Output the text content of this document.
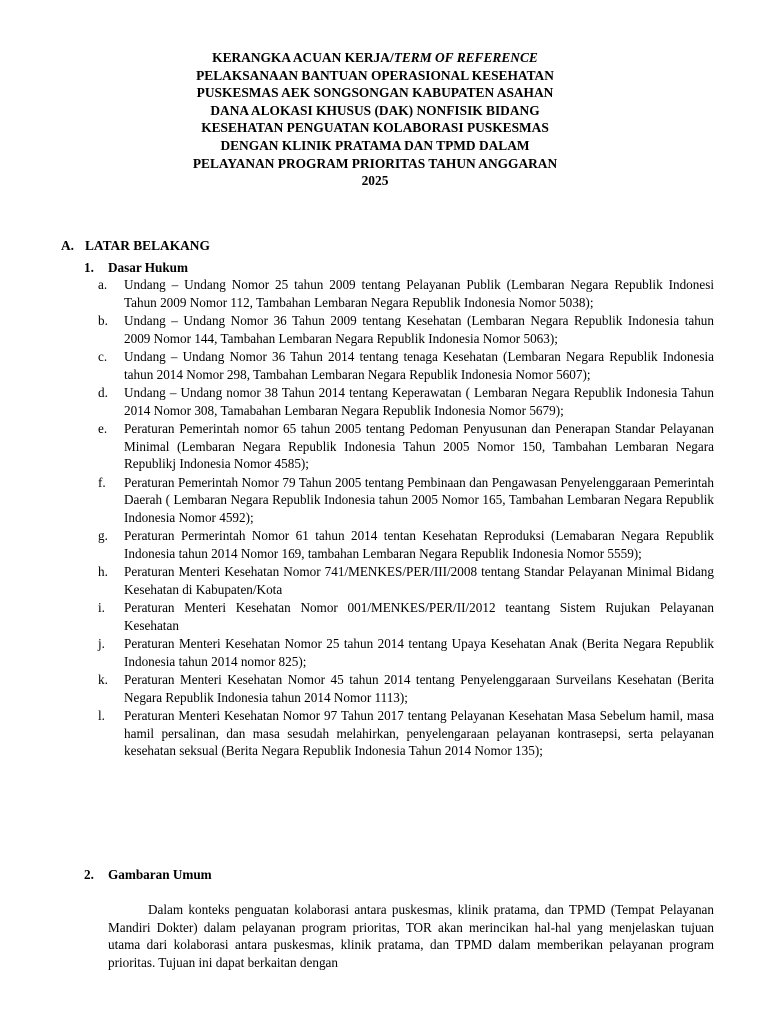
KERANGKA ACUAN KERJA/TERM OF REFERENCE
PELAKSANAAN BANTUAN OPERASIONAL KESEHATAN
PUSKESMAS AEK SONGSONGAN KABUPATEN ASAHAN
DANA ALOKASI KHUSUS (DAK) NONFISIK BIDANG
KESEHATAN PENGUATAN KOLABORASI PUSKESMAS
DENGAN KLINIK PRATAMA DAN TPMD DALAM
PELAYANAN PROGRAM PRIORITAS TAHUN ANGGARAN
2025
A. LATAR BELAKANG
1. Dasar Hukum
a. Undang – Undang Nomor 25 tahun 2009 tentang Pelayanan Publik (Lembaran Negara Republik Indonesi Tahun 2009 Nomor 112, Tambahan Lembaran Negara Republik Indonesia Nomor 5038);
b. Undang – Undang Nomor 36 Tahun 2009 tentang Kesehatan (Lembaran Negara Republik Indonesia tahun 2009 Nomor 144, Tambahan Lembaran Negara Republik Indonesia Nomor 5063);
c. Undang – Undang Nomor 36 Tahun 2014 tentang tenaga Kesehatan (Lembaran Negara Republik Indonesia tahun 2014 Nomor 298, Tambahan Lembaran Negara Republik Indonesia Nomor 5607);
d. Undang – Undang nomor 38 Tahun 2014 tentang Keperawatan ( Lembaran Negara Republik Indonesia Tahun 2014 Nomor 308, Tamabahan Lembaran Negara Republik Indonesia Nomor 5679);
e. Peraturan Pemerintah nomor 65 tahun 2005 tentang Pedoman Penyusunan dan Penerapan Standar Pelayanan Minimal (Lembaran Negara Republik Indonesia Tahun 2005 Nomor 150, Tambahan Lembaran Negara Republikj Indonesia Nomor 4585);
f. Peraturan Pemerintah Nomor 79 Tahun 2005 tentang Pembinaan dan Pengawasan Penyelenggaraan Pemerintah Daerah ( Lembaran Negara Republik Indonesia tahun 2005 Nomor 165, Tambahan Lembaran Negara Republik Indonesia Nomor 4592);
g. Peraturan Permerintah Nomor 61 tahun 2014 tentan Kesehatan Reproduksi (Lemabaran Negara Republik Indonesia tahun 2014 Nomor 169, tambahan Lembaran Negara Republik Indonesia Nomor 5559);
h. Peraturan Menteri Kesehatan Nomor 741/MENKES/PER/III/2008 tentang Standar Pelayanan Minimal Bidang Kesehatan di Kabupaten/Kota
i. Peraturan Menteri Kesehatan Nomor 001/MENKES/PER/II/2012 teantang Sistem Rujukan Pelayanan Kesehatan
j. Peraturan Menteri Kesehatan Nomor 25 tahun 2014 tentang Upaya Kesehatan Anak (Berita Negara Republik Indonesia tahun 2014 nomor 825);
k. Peraturan Menteri Kesehatan Nomor 45 tahun 2014 tentang Penyelenggaraan Surveilans Kesehatan (Berita Negara Republik Indonesia tahun 2014 Nomor 1113);
l. Peraturan Menteri Kesehatan Nomor 97 Tahun 2017 tentang Pelayanan Kesehatan Masa Sebelum hamil, masa hamil persalinan, dan masa sesudah melahirkan, penyelengaraan pelayanan kontrasepsi, serta pelayanan kesehatan seksual (Berita Negara Republik Indonesia Tahun 2014 Nomor 135);
2. Gambaran Umum
Dalam konteks penguatan kolaborasi antara puskesmas, klinik pratama, dan TPMD (Tempat Pelayanan Mandiri Dokter) dalam pelayanan program prioritas, TOR akan merincikan hal-hal yang menjelaskan tujuan utama dari kolaborasi antara puskesmas, klinik pratama, dan TPMD dalam memberikan pelayanan program prioritas. Tujuan ini dapat berkaitan dengan
